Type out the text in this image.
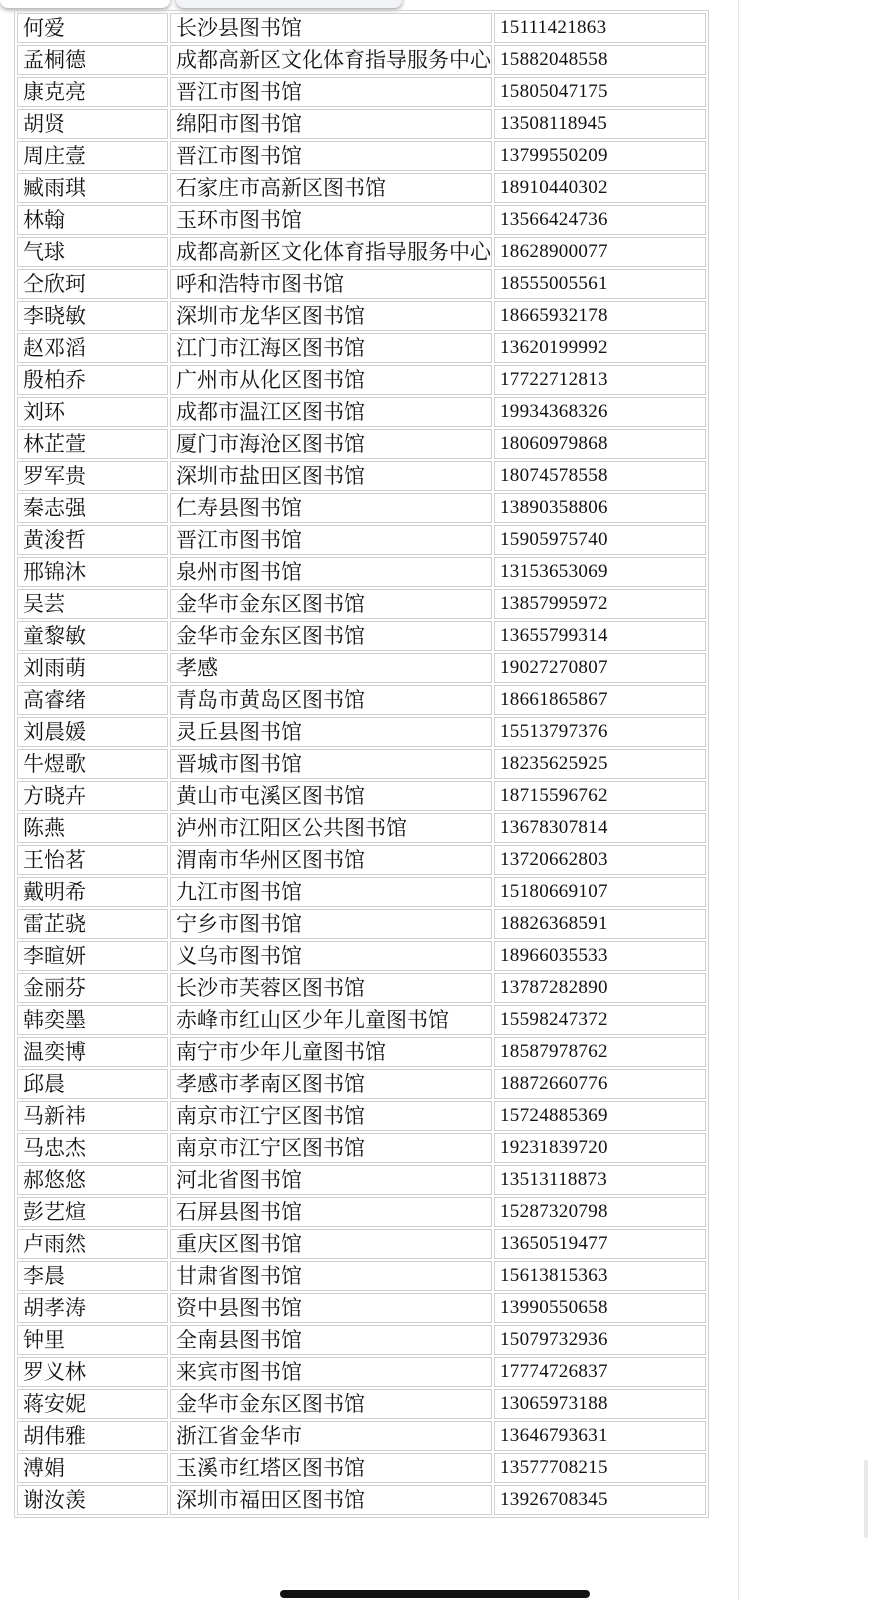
何爱	长沙县图书馆	15111421863
孟桐德	成都高新区文化体育指导服务中心	15882048558
康克亮	晋江市图书馆	15805047175
胡贤	绵阳市图书馆	13508118945
周庄壹	晋江市图书馆	13799550209
臧雨琪	石家庄市高新区图书馆	18910440302
林翰	玉环市图书馆	13566424736
气球	成都高新区文化体育指导服务中心	18628900077
仝欣珂	呼和浩特市图书馆	18555005561
李晓敏	深圳市龙华区图书馆	18665932178
赵邓滔	江门市江海区图书馆	13620199992
殷柏乔	广州市从化区图书馆	17722712813
刘环	成都市温江区图书馆	19934368326
林芷萱	厦门市海沧区图书馆	18060979868
罗军贵	深圳市盐田区图书馆	18074578558
秦志强	仁寿县图书馆	13890358806
黄浚哲	晋江市图书馆	15905975740
邢锦沐	泉州市图书馆	13153653069
吴芸	金华市金东区图书馆	13857995972
童黎敏	金华市金东区图书馆	13655799314
刘雨萌	孝感	19027270807
高睿绪	青岛市黄岛区图书馆	18661865867
刘晨媛	灵丘县图书馆	15513797376
牛煜歌	晋城市图书馆	18235625925
方晓卉	黄山市屯溪区图书馆	18715596762
陈燕	泸州市江阳区公共图书馆	13678307814
王怡茗	渭南市华州区图书馆	13720662803
戴明希	九江市图书馆	15180669107
雷芷骁	宁乡市图书馆	18826368591
李暄妍	义乌市图书馆	18966035533
金丽芬	长沙市芙蓉区图书馆	13787282890
韩奕墨	赤峰市红山区少年儿童图书馆	15598247372
温奕博	南宁市少年儿童图书馆	18587978762
邱晨	孝感市孝南区图书馆	18872660776
马新祎	南京市江宁区图书馆	15724885369
马忠杰	南京市江宁区图书馆	19231839720
郝悠悠	河北省图书馆	13513118873
彭艺煊	石屏县图书馆	15287320798
卢雨然	重庆区图书馆	13650519477
李晨	甘肃省图书馆	15613815363
胡孝涛	资中县图书馆	13990550658
钟里	全南县图书馆	15079732936
罗义林	来宾市图书馆	17774726837
蒋安妮	金华市金东区图书馆	13065973188
胡伟雅	浙江省金华市	13646793631
溥娟	玉溪市红塔区图书馆	13577708215
谢汝羡	深圳市福田区图书馆	13926708345
